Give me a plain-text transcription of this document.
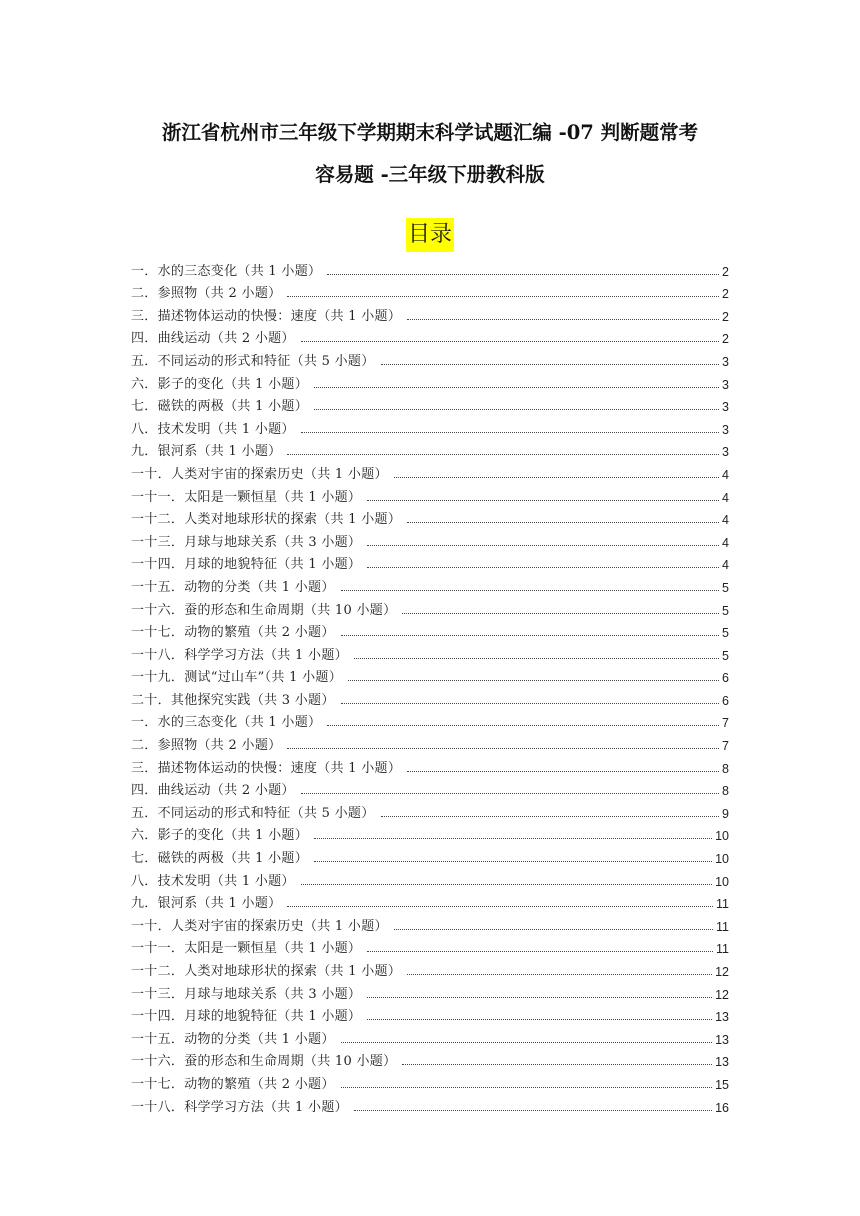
浙江省杭州市三年级下学期期末科学试题汇编 -07 判断题常考
容易题 -三年级下册教科版
目录
一．水的三态变化（共 1 小题）	2
二．参照物（共 2 小题）	2
三．描述物体运动的快慢：速度（共 1 小题）	2
四．曲线运动（共 2 小题）	2
五．不同运动的形式和特征（共 5 小题）	3
六．影子的变化（共 1 小题）	3
七．磁铁的两极（共 1 小题）	3
八．技术发明（共 1 小题）	3
九．银河系（共 1 小题）	3
一十．人类对宇宙的探索历史（共 1 小题）	4
一十一．太阳是一颗恒星（共 1 小题）	4
一十二．人类对地球形状的探索（共 1 小题）	4
一十三．月球与地球关系（共 3 小题）	4
一十四．月球的地貌特征（共 1 小题）	4
一十五．动物的分类（共 1 小题）	5
一十六．蚕的形态和生命周期（共 10 小题）	5
一十七．动物的繁殖（共 2 小题）	5
一十八．科学学习方法（共 1 小题）	5
一十九．测试“过山车”（共 1 小题）	6
二十．其他探究实践（共 3 小题）	6
一．水的三态变化（共 1 小题）	7
二．参照物（共 2 小题）	7
三．描述物体运动的快慢：速度（共 1 小题）	8
四．曲线运动（共 2 小题）	8
五．不同运动的形式和特征（共 5 小题）	9
六．影子的变化（共 1 小题）	10
七．磁铁的两极（共 1 小题）	10
八．技术发明（共 1 小题）	10
九．银河系（共 1 小题）	11
一十．人类对宇宙的探索历史（共 1 小题）	11
一十一．太阳是一颗恒星（共 1 小题）	11
一十二．人类对地球形状的探索（共 1 小题）	12
一十三．月球与地球关系（共 3 小题）	12
一十四．月球的地貌特征（共 1 小题）	13
一十五．动物的分类（共 1 小题）	13
一十六．蚕的形态和生命周期（共 10 小题）	13
一十七．动物的繁殖（共 2 小题）	15
一十八．科学学习方法（共 1 小题）	16
